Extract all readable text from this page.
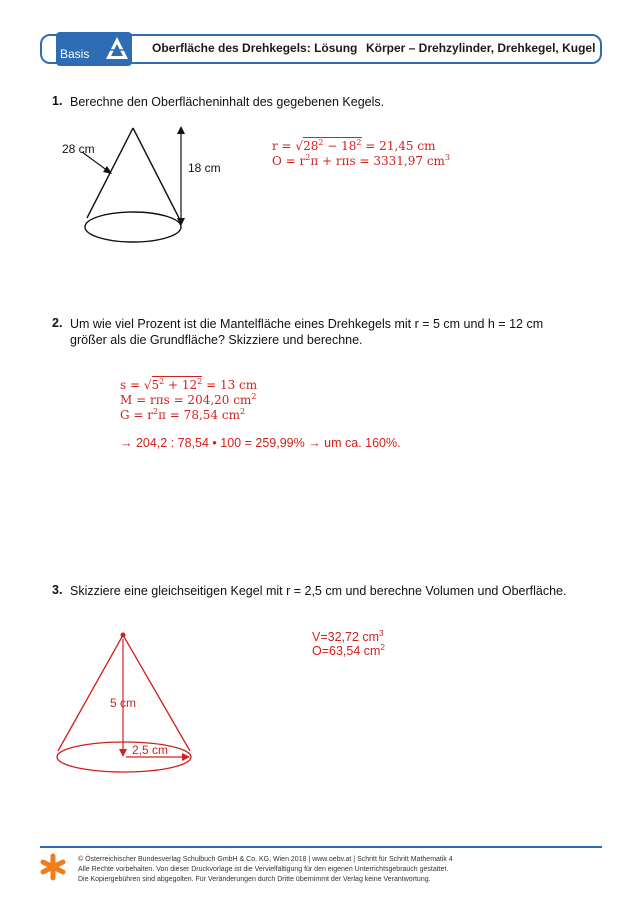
Basis	Oberfläche des Drehkegels: Lösung Körper – Drehzylinder, Drehkegel, Kugel
1. Berechne den Oberflächeninhalt des gegebenen Kegels.
28 cm
18 cm
$r = √28^2 - 18^2 = 21,45$ cm
$O = r^2\pi + r\pi s = 3331,97$ $cm^3$
2. Um wie viel Prozent ist die Mantelfläche eines Drehkegels mit r = 5 cm und h = 12 cm
größer als die Grundfläche? Skizziere und berechne.
$s = √5^2 + 12^2 = 13$ cm
M = rπs = 204,20 $cm^2$
$G = r^2\pi = 78,54$ $cm^2$
→ 204,2 : 78,54 • 100 = 259,99% → um ca. 160%.
3. Skizziere eine gleichseitigen Kegel mit r = 2,5 cm und berechne Volumen und Oberfläche.
5 cm
2,5 cm
V=32,72 $cm^3$
O=63,54 $cm^2$
© Österreichischer Bundesverlag Schulbuch GmbH & Co. KG, Wien 2018 | www.oebv.at | Schritt für Schritt Mathematik 4
Alle Rechte vorbehalten. Von dieser Druckvorlage ist die Vervielfältigung für den eigenen Unterrichtsgebrauch gestattet.
Die Kopiergebühren sind abgegolten. Für Veränderungen durch Dritte übernimmt der Verlag keine Verantwortung.
